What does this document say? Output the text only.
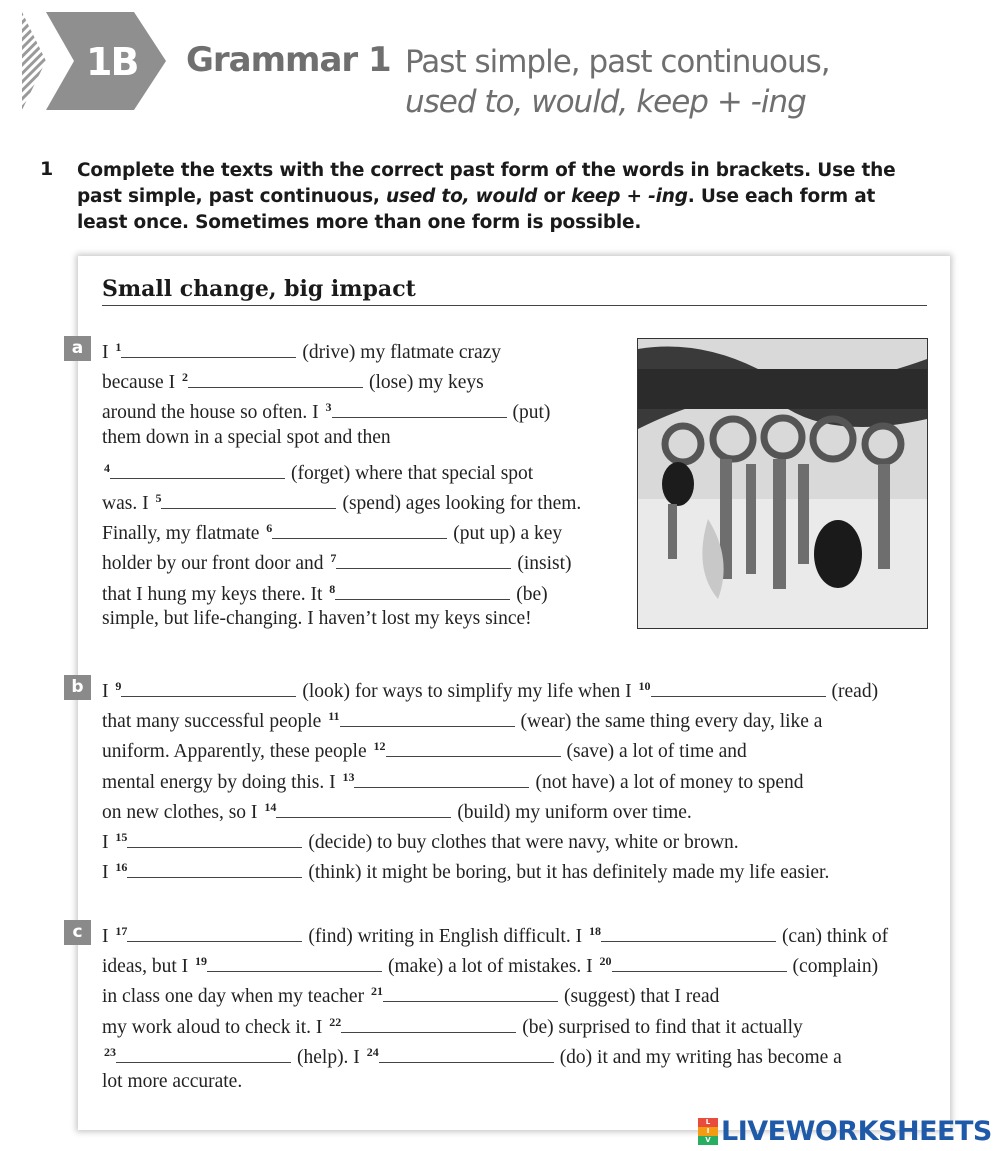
1B Grammar 1 Past simple, past continuous,
used to, would, keep + -ing
1 Complete the texts with the correct past form of the words in brackets. Use the past simple, past continuous, used to, would or keep + -ing. Use each form at least once. Sometimes more than one form is possible.
Small change, big impact
a
b
c
I $^1$	(drive) my flatmate crazy
because I $^2$	(lose) my keys
around the house so often. I $^3$	(put)
them down in a special spot and then
$^4$	(forget) where that special spot
was. I $^5$	(spend) ages looking for them.
Finally, my flatmate $^6$	(put up) a key
holder by our front door and $^7$	(insist)
that I hung my keys there. It $^8$	(be)
simple, but life-changing. I haven’t lost my keys since!
I $^9$	(look) for ways to simplify my life when I $^{10}$	(read)
that many successful people $^{11}$	(wear) the same thing every day, like a
uniform. Apparently, these people $^{12}$	(save) a lot of time and
mental energy by doing this. I $^{13}$	(not have) a lot of money to spend
on new clothes, so I $^{14}$	(build) my uniform over time.
I $^{15}$	(decide) to buy clothes that were navy, white or brown.
I $^{16}$	(think) it might be boring, but it has definitely made my life easier.
I $^{17}$	(find) writing in English difficult. I $^{18}$	(can) think of
ideas, but I $^{19}$	(make) a lot of mistakes. I $^{20}$	(complain)
in class one day when my teacher $^{21}$	(suggest) that I read
my work aloud to check it. I $^{22}$	(be) surprised to find that it actually
$^{23}$	(help). I $^{24}$	(do) it and my writing has become a
lot more accurate.
L
I
V LIVEWORKSHEETS
